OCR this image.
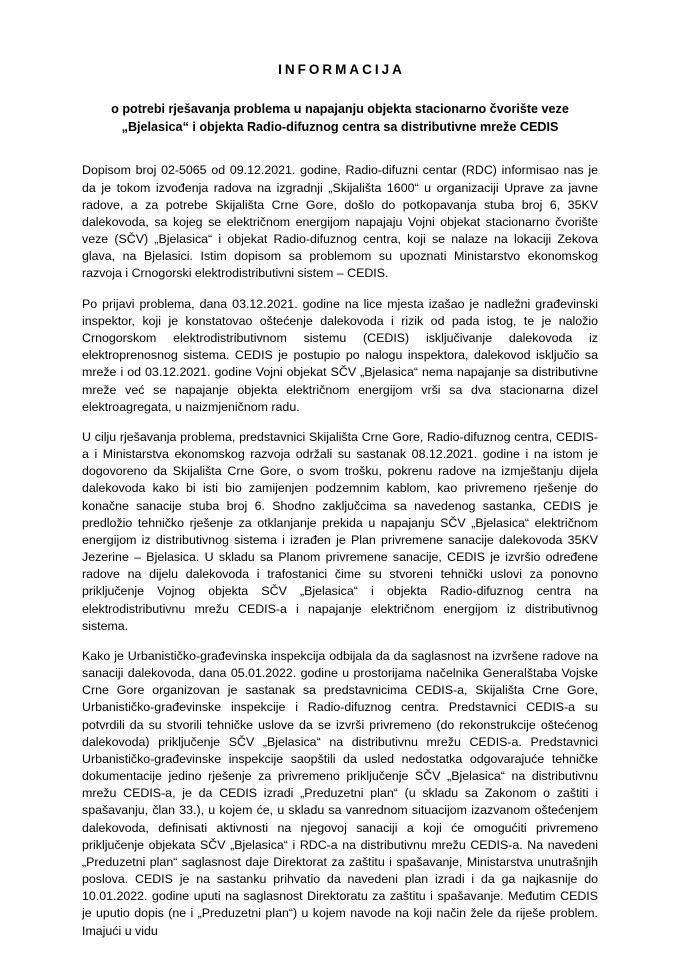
INFORMACIJA
o potrebi rješavanja problema u napajanju objekta stacionarno čvorište veze
„Bjelasica“ i objekta Radio-difuznog centra sa distributivne mreže CEDIS

Dopisom broj 02-5065 od 09.12.2021. godine, Radio-difuzni centar (RDC) informisao nas je da je tokom izvođenja radova na izgradnji „Skijališta 1600“ u organizaciji Uprave za javne radove, a za potrebe Skijališta Crne Gore, došlo do potkopavanja stuba broj 6, 35KV dalekovoda, sa kojeg se električnom energijom napajaju Vojni objekat stacionarno čvorište veze (SČV) „Bjelasica“ i objekat Radio-difuznog centra, koji se nalaze na lokaciji Zekova glava, na Bjelasici. Istim dopisom sa problemom su upoznati Ministarstvo ekonomskog razvoja i Crnogorski elektrodistributivni sistem – CEDIS.

Po prijavi problema, dana 03.12.2021. godine na lice mjesta izašao je nadležni građevinski inspektor, koji je konstatovao oštećenje dalekovoda i rizik od pada istog, te je naložio Crnogorskom elektrodistributivnom sistemu (CEDIS) isključivanje dalekovoda iz elektroprenosnog sistema. CEDIS je postupio po nalogu inspektora, dalekovod isključio sa mreže i od 03.12.2021. godine Vojni objekat SČV „Bjelasica“ nema napajanje sa distributivne mreže već se napajanje objekta električnom energijom vrši sa dva stacionarna dizel elektroagregata, u naizmjeničnom radu.

U cilju rješavanja problema, predstavnici Skijališta Crne Gore, Radio-difuznog centra, CEDIS-a i Ministarstva ekonomskog razvoja održali su sastanak 08.12.2021. godine i na istom je dogovoreno da Skijališta Crne Gore, o svom trošku, pokrenu radove na izmještanju dijela dalekovoda kako bi isti bio zamijenjen podzemnim kablom, kao privremeno rješenje do konačne sanacije stuba broj 6. Shodno zaključcima sa navedenog sastanka, CEDIS je predložio tehničko rješenje za otklanjanje prekida u napajanju SČV „Bjelasica“ električnom energijom iz distributivnog sistema i izrađen je Plan privremene sanacije dalekovoda 35KV Jezerine – Bjelasica. U skladu sa Planom privremene sanacije, CEDIS je izvršio određene radove na dijelu dalekovoda i trafostanici čime su stvoreni tehnički uslovi za ponovno priključenje Vojnog objekta SČV „Bjelasica“ i objekta Radio-difuznog centra na elektrodistributivnu mrežu CEDIS-a i napajanje električnom energijom iz distributivnog sistema.

Kako je Urbanističko-građevinska inspekcija odbijala da da saglasnost na izvršene radove na sanaciji dalekovoda, dana 05.01.2022. godine u prostorijama načelnika Generalštaba Vojske Crne Gore organizovan je sastanak sa predstavnicima CEDIS-a, Skijališta Crne Gore, Urbanističko-građevinske inspekcije i Radio-difuznog centra. Predstavnici CEDIS-a su potvrdili da su stvorili tehničke uslove da se izvrši privremeno (do rekonstrukcije oštećenog dalekovoda) priključenje SČV „Bjelasica“ na distributivnu mrežu CEDIS-a. Predstavnici Urbanističko-građevinske inspekcije saopštili da usled nedostatka odgovarajuće tehničke dokumentacije jedino rješenje za privremeno priključenje SČV „Bjelasica“ na distributivnu mrežu CEDIS-a, je da CEDIS izradi „Preduzetni plan“ (u skladu sa Zakonom o zaštiti i spašavanju, član 33.), u kojem će, u skladu sa vanrednom situacijom izazvanom oštećenjem dalekovoda, definisati aktivnosti na njegovoj sanaciji a koji će omogućiti privremeno priključenje objekata SČV „Bjelasica“ i RDC-a na distributivnu mrežu CEDIS-a. Na navedeni „Preduzetni plan“ saglasnost daje Direktorat za zaštitu i spašavanje, Ministarstva unutrašnjih poslova. CEDIS je na sastanku prihvatio da navedeni plan izradi i da ga najkasnije do 10.01.2022. godine uputi na saglasnost Direktoratu za zaštitu i spašavanje. Međutim CEDIS je uputio dopis (ne i „Preduzetni plan“) u kojem navode na koji način žele da riješe problem. Imajući u vidu
